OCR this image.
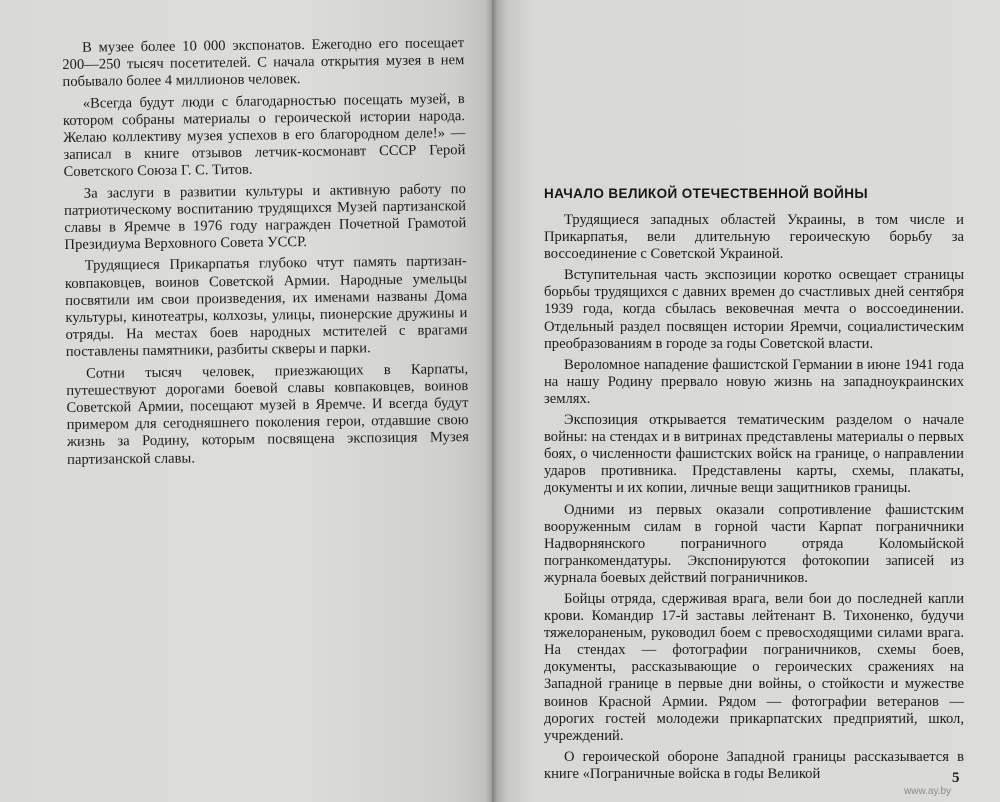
В музее более 10 000 экспонатов. Ежегодно его посещает 200—250 тысяч посетителей. С начала открытия музея в нем побывало более 4 миллионов человек.

«Всегда будут люди с благодарностью посещать музей, в котором собраны материалы о героической истории народа. Желаю коллективу музея успехов в его благородном деле!» — записал в книге отзывов летчик-космонавт СССР Герой Советского Союза Г. С. Титов.

За заслуги в развитии культуры и активную работу по патриотическому воспитанию трудящихся Музей партизанской славы в Яремче в 1976 году награжден Почетной Грамотой Президиума Верховного Совета УССР.

Трудящиеся Прикарпатья глубоко чтут память партизан-ковпаковцев, воинов Советской Армии. Народные умельцы посвятили им свои произведения, их именами названы Дома культуры, кинотеатры, колхозы, улицы, пионерские дружины и отряды. На местах боев народных мстителей с врагами поставлены памятники, разбиты скверы и парки.

Сотни тысяч человек, приезжающих в Карпаты, путешествуют дорогами боевой славы ковпаковцев, воинов Советской Армии, посещают музей в Яремче. И всегда будут примером для сегодняшнего поколения герои, отдавшие свою жизнь за Родину, которым посвящена экспозиция Музея партизанской славы.

НАЧАЛО ВЕЛИКОЙ ОТЕЧЕСТВЕННОЙ ВОЙНЫ

Трудящиеся западных областей Украины, в том числе и Прикарпатья, вели длительную героическую борьбу за воссоединение с Советской Украиной.

Вступительная часть экспозиции коротко освещает страницы борьбы трудящихся с давних времен до счастливых дней сентября 1939 года, когда сбылась вековечная мечта о воссоединении. Отдельный раздел посвящен истории Яремчи, социалистическим преобразованиям в городе за годы Советской власти.

Вероломное нападение фашистской Германии в июне 1941 года на нашу Родину прервало новую жизнь на западноукраинских землях.

Экспозиция открывается тематическим разделом о начале войны: на стендах и в витринах представлены материалы о первых боях, о численности фашистских войск на границе, о направлении ударов противника. Представлены карты, схемы, плакаты, документы и их копии, личные вещи защитников границы.

Одними из первых оказали сопротивление фашистским вооруженным силам в горной части Карпат пограничники Надворнянского пограничного отряда Коломыйской погранкомендатуры. Экспонируются фотокопии записей из журнала боевых действий пограничников.

Бойцы отряда, сдерживая врага, вели бои до последней капли крови. Командир 17-й заставы лейтенант В. Тихоненко, будучи тяжелораненым, руководил боем с превосходящими силами врага. На стендах — фотографии пограничников, схемы боев, документы, рассказывающие о героических сражениях на Западной границе в первые дни войны, о стойкости и мужестве воинов Красной Армии. Рядом — фотографии ветеранов — дорогих гостей молодежи прикарпатских предприятий, школ, учреждений.

О героической обороне Западной границы рассказывается в книге «Пограничные войска в годы Великой	5
www.ay.by
